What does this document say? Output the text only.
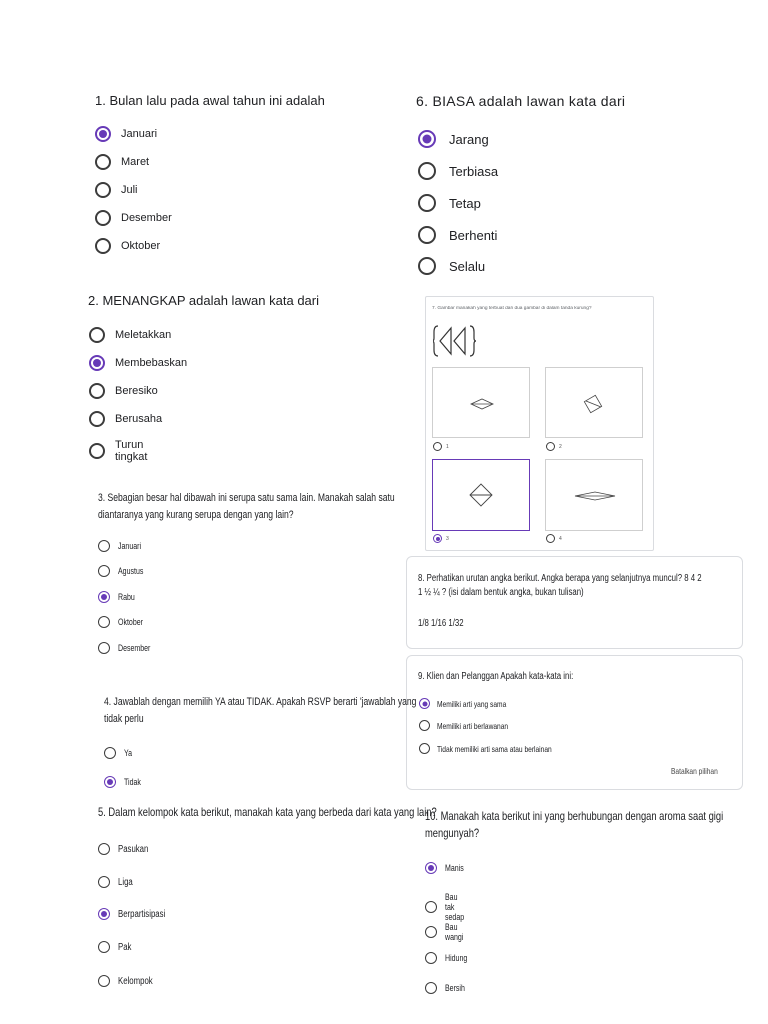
1. Bulan lalu pada awal tahun ini adalah
Januari
Maret
Juli
Desember
Oktober
6. BIASA adalah lawan kata dari
Jarang
Terbiasa
Tetap
Berhenti
Selalu
2. MENANGKAP adalah lawan kata dari
Meletakkan
Membebaskan
Beresiko
Berusaha
Turun tingkat
7. Gambar manakah yang terbuat dari dua gambar di dalam tanda kurung?
1	2
3	4
3. Sebagian besar hal dibawah ini serupa satu sama lain. Manakah salah satu
diantaranya yang kurang serupa dengan yang lain?
Januari
Agustus
Rabu
Oktober
Desember
8. Perhatikan urutan angka berikut. Angka berapa yang selanjutnya muncul? 8 4 2
1 ½ ¼ ? (isi dalam bentuk angka, bukan tulisan)
1/8 1/16 1/32
9. Klien dan Pelanggan Apakah kata-kata ini:
Memiliki arti yang sama
Memiliki arti berlawanan
Tidak memiliki arti sama atau berlainan
Batalkan pilihan
4. Jawablah dengan memilih YA atau TIDAK. Apakah RSVP berarti 'jawablah yang
tidak perlu
Ya
Tidak
5. Dalam kelompok kata berikut, manakah kata yang berbeda dari kata yang lain?
Pasukan
Liga
Berpartisipasi
Pak
Kelompok
10. Manakah kata berikut ini yang berhubungan dengan aroma saat gigi
mengunyah?
Manis
Bau tak sedap
Bau wangi
Hidung
Bersih
